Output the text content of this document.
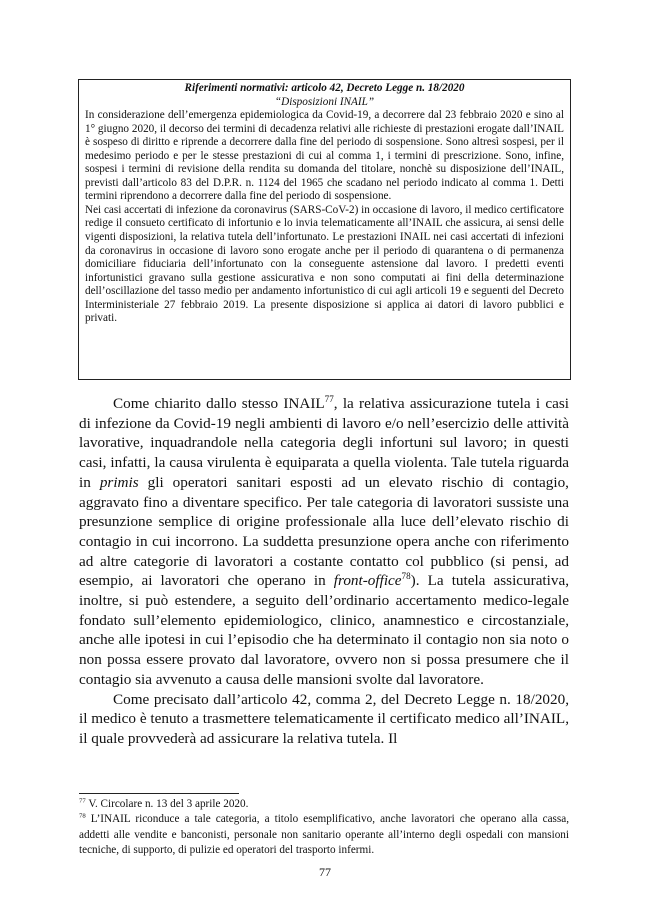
Riferimenti normativi: articolo 42, Decreto Legge n. 18/2020
“Disposizioni INAIL”

In considerazione dell’emergenza epidemiologica da Covid-19, a decorrere dal 23 febbraio 2020 e sino al 1° giugno 2020, il decorso dei termini di decadenza relativi alle richieste di prestazioni erogate dall’INAIL è sospeso di diritto e riprende a decorrere dalla fine del periodo di sospensione. Sono altresì sospesi, per il medesimo periodo e per le stesse prestazioni di cui al comma 1, i termini di prescrizione. Sono, infine, sospesi i termini di revisione della rendita su domanda del titolare, nonchè su disposizione dell’INAIL, previsti dall’articolo 83 del D.P.R. n. 1124 del 1965 che scadano nel periodo indicato al comma 1. Detti termini riprendono a decorrere dalla fine del periodo di sospensione.

Nei casi accertati di infezione da coronavirus (SARS-CoV-2) in occasione di lavoro, il medico certificatore redige il consueto certificato di infortunio e lo invia telematicamente all’INAIL che assicura, ai sensi delle vigenti disposizioni, la relativa tutela dell’infortunato. Le prestazioni INAIL nei casi accertati di infezioni da coronavirus in occasione di lavoro sono erogate anche per il periodo di quarantena o di permanenza domiciliare fiduciaria dell’infortunato con la conseguente astensione dal lavoro. I predetti eventi infortunistici gravano sulla gestione assicurativa e non sono computati ai fini della determinazione dell’oscillazione del tasso medio per andamento infortunistico di cui agli articoli 19 e seguenti del Decreto Interministeriale 27 febbraio 2019. La presente disposizione si applica ai datori di lavoro pubblici e privati.

Come chiarito dallo stesso INAIL$^{77}$, la relativa assicurazione tutela i casi di infezione da Covid-19 negli ambienti di lavoro e/o nell’esercizio delle attività lavorative, inquadrandole nella categoria degli infortuni sul lavoro; in questi casi, infatti, la causa virulenta è equiparata a quella violenta. Tale tutela riguarda in primis gli operatori sanitari esposti ad un elevato rischio di contagio, aggravato fino a diventare specifico. Per tale categoria di lavoratori sussiste una presunzione semplice di origine professionale alla luce dell’elevato rischio di contagio in cui incorrono. La suddetta presunzione opera anche con riferimento ad altre categorie di lavoratori a costante contatto col pubblico (si pensi, ad esempio, ai lavoratori che operano in front-office$^{78}$). La tutela assicurativa, inoltre, si può estendere, a seguito dell’ordinario accertamento medico-legale fondato sull’elemento epidemiologico, clinico, anamnestico e circostanziale, anche alle ipotesi in cui l’episodio che ha determinato il contagio non sia noto o non possa essere provato dal lavoratore, ovvero non si possa presumere che il contagio sia avvenuto a causa delle mansioni svolte dal lavoratore.

Come precisato dall’articolo 42, comma 2, del Decreto Legge n. 18/2020, il medico è tenuto a trasmettere telematicamente il certificato medico all’INAIL, il quale provvederà ad assicurare la relativa tutela. Il

$^{77}$ V. Circolare n. 13 del 3 aprile 2020.

$^{78}$ L’INAIL riconduce a tale categoria, a titolo esemplificativo, anche lavoratori che operano alla cassa, addetti alle vendite e banconisti, personale non sanitario operante all’interno degli ospedali con mansioni tecniche, di supporto, di pulizie ed operatori del trasporto infermi.

77
